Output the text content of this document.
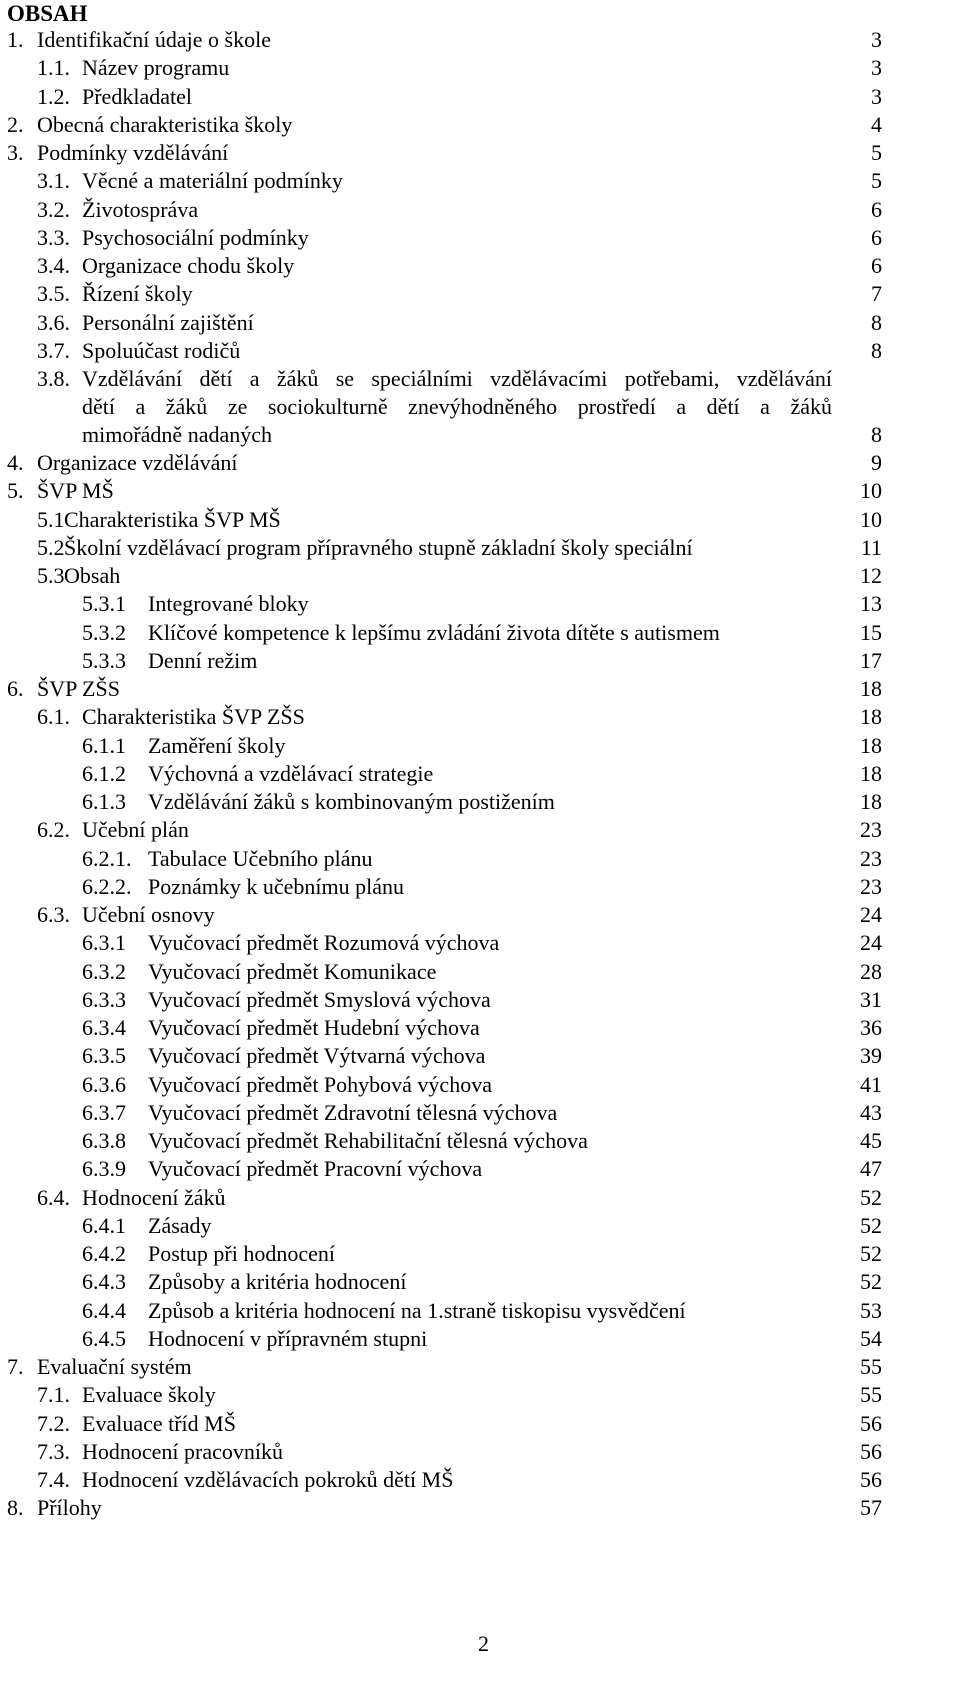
OBSAH
1. Identifikační údaje o škole	3
1.1. Název programu	3
1.2. Předkladatel	3
2. Obecná charakteristika školy	4
3. Podmínky vzdělávání	5
3.1. Věcné a materiální podmínky	5
3.2. Životospráva	6
3.3. Psychosociální podmínky	6
3.4. Organizace chodu školy	6
3.5. Řízení školy	7
3.6. Personální zajištění	8
3.7. Spoluúčast rodičů	8
3.8. Vzdělávání dětí a žáků se speciálními vzdělávacími potřebami, vzdělávání
dětí a žáků ze sociokulturně znevýhodněného prostředí a dětí a žáků
mimořádně nadaných	8
4. Organizace vzdělávání	9
5. ŠVP MŠ	10
5.1 Charakteristika ŠVP MŠ	10
5.2 Školní vzdělávací program přípravného stupně základní školy speciální	11
5.3 Obsah	12
5.3.1 Integrované bloky	13
5.3.2 Klíčové kompetence k lepšímu zvládání života dítěte s autismem	15
5.3.3 Denní režim	17
6. ŠVP ZŠS	18
6.1. Charakteristika ŠVP ZŠS	18
6.1.1 Zaměření školy	18
6.1.2 Výchovná a vzdělávací strategie	18
6.1.3 Vzdělávání žáků s kombinovaným postižením	18
6.2. Učební plán	23
6.2.1. Tabulace Učebního plánu	23
6.2.2. Poznámky k učebnímu plánu	23
6.3. Učební osnovy	24
6.3.1 Vyučovací předmět Rozumová výchova	24
6.3.2 Vyučovací předmět Komunikace	28
6.3.3 Vyučovací předmět Smyslová výchova	31
6.3.4 Vyučovací předmět Hudební výchova	36
6.3.5 Vyučovací předmět Výtvarná výchova	39
6.3.6 Vyučovací předmět Pohybová výchova	41
6.3.7 Vyučovací předmět Zdravotní tělesná výchova	43
6.3.8 Vyučovací předmět Rehabilitační tělesná výchova	45
6.3.9 Vyučovací předmět Pracovní výchova	47
6.4. Hodnocení žáků	52
6.4.1 Zásady	52
6.4.2 Postup při hodnocení	52
6.4.3 Způsoby a kritéria hodnocení	52
6.4.4 Způsob a kritéria hodnocení na 1.straně tiskopisu vysvědčení	53
6.4.5 Hodnocení v přípravném stupni	54
7. Evaluační systém	55
7.1. Evaluace školy	55
7.2. Evaluace tříd MŠ	56
7.3. Hodnocení pracovníků	56
7.4. Hodnocení vzdělávacích pokroků dětí MŠ	56
8. Přílohy	57
2
